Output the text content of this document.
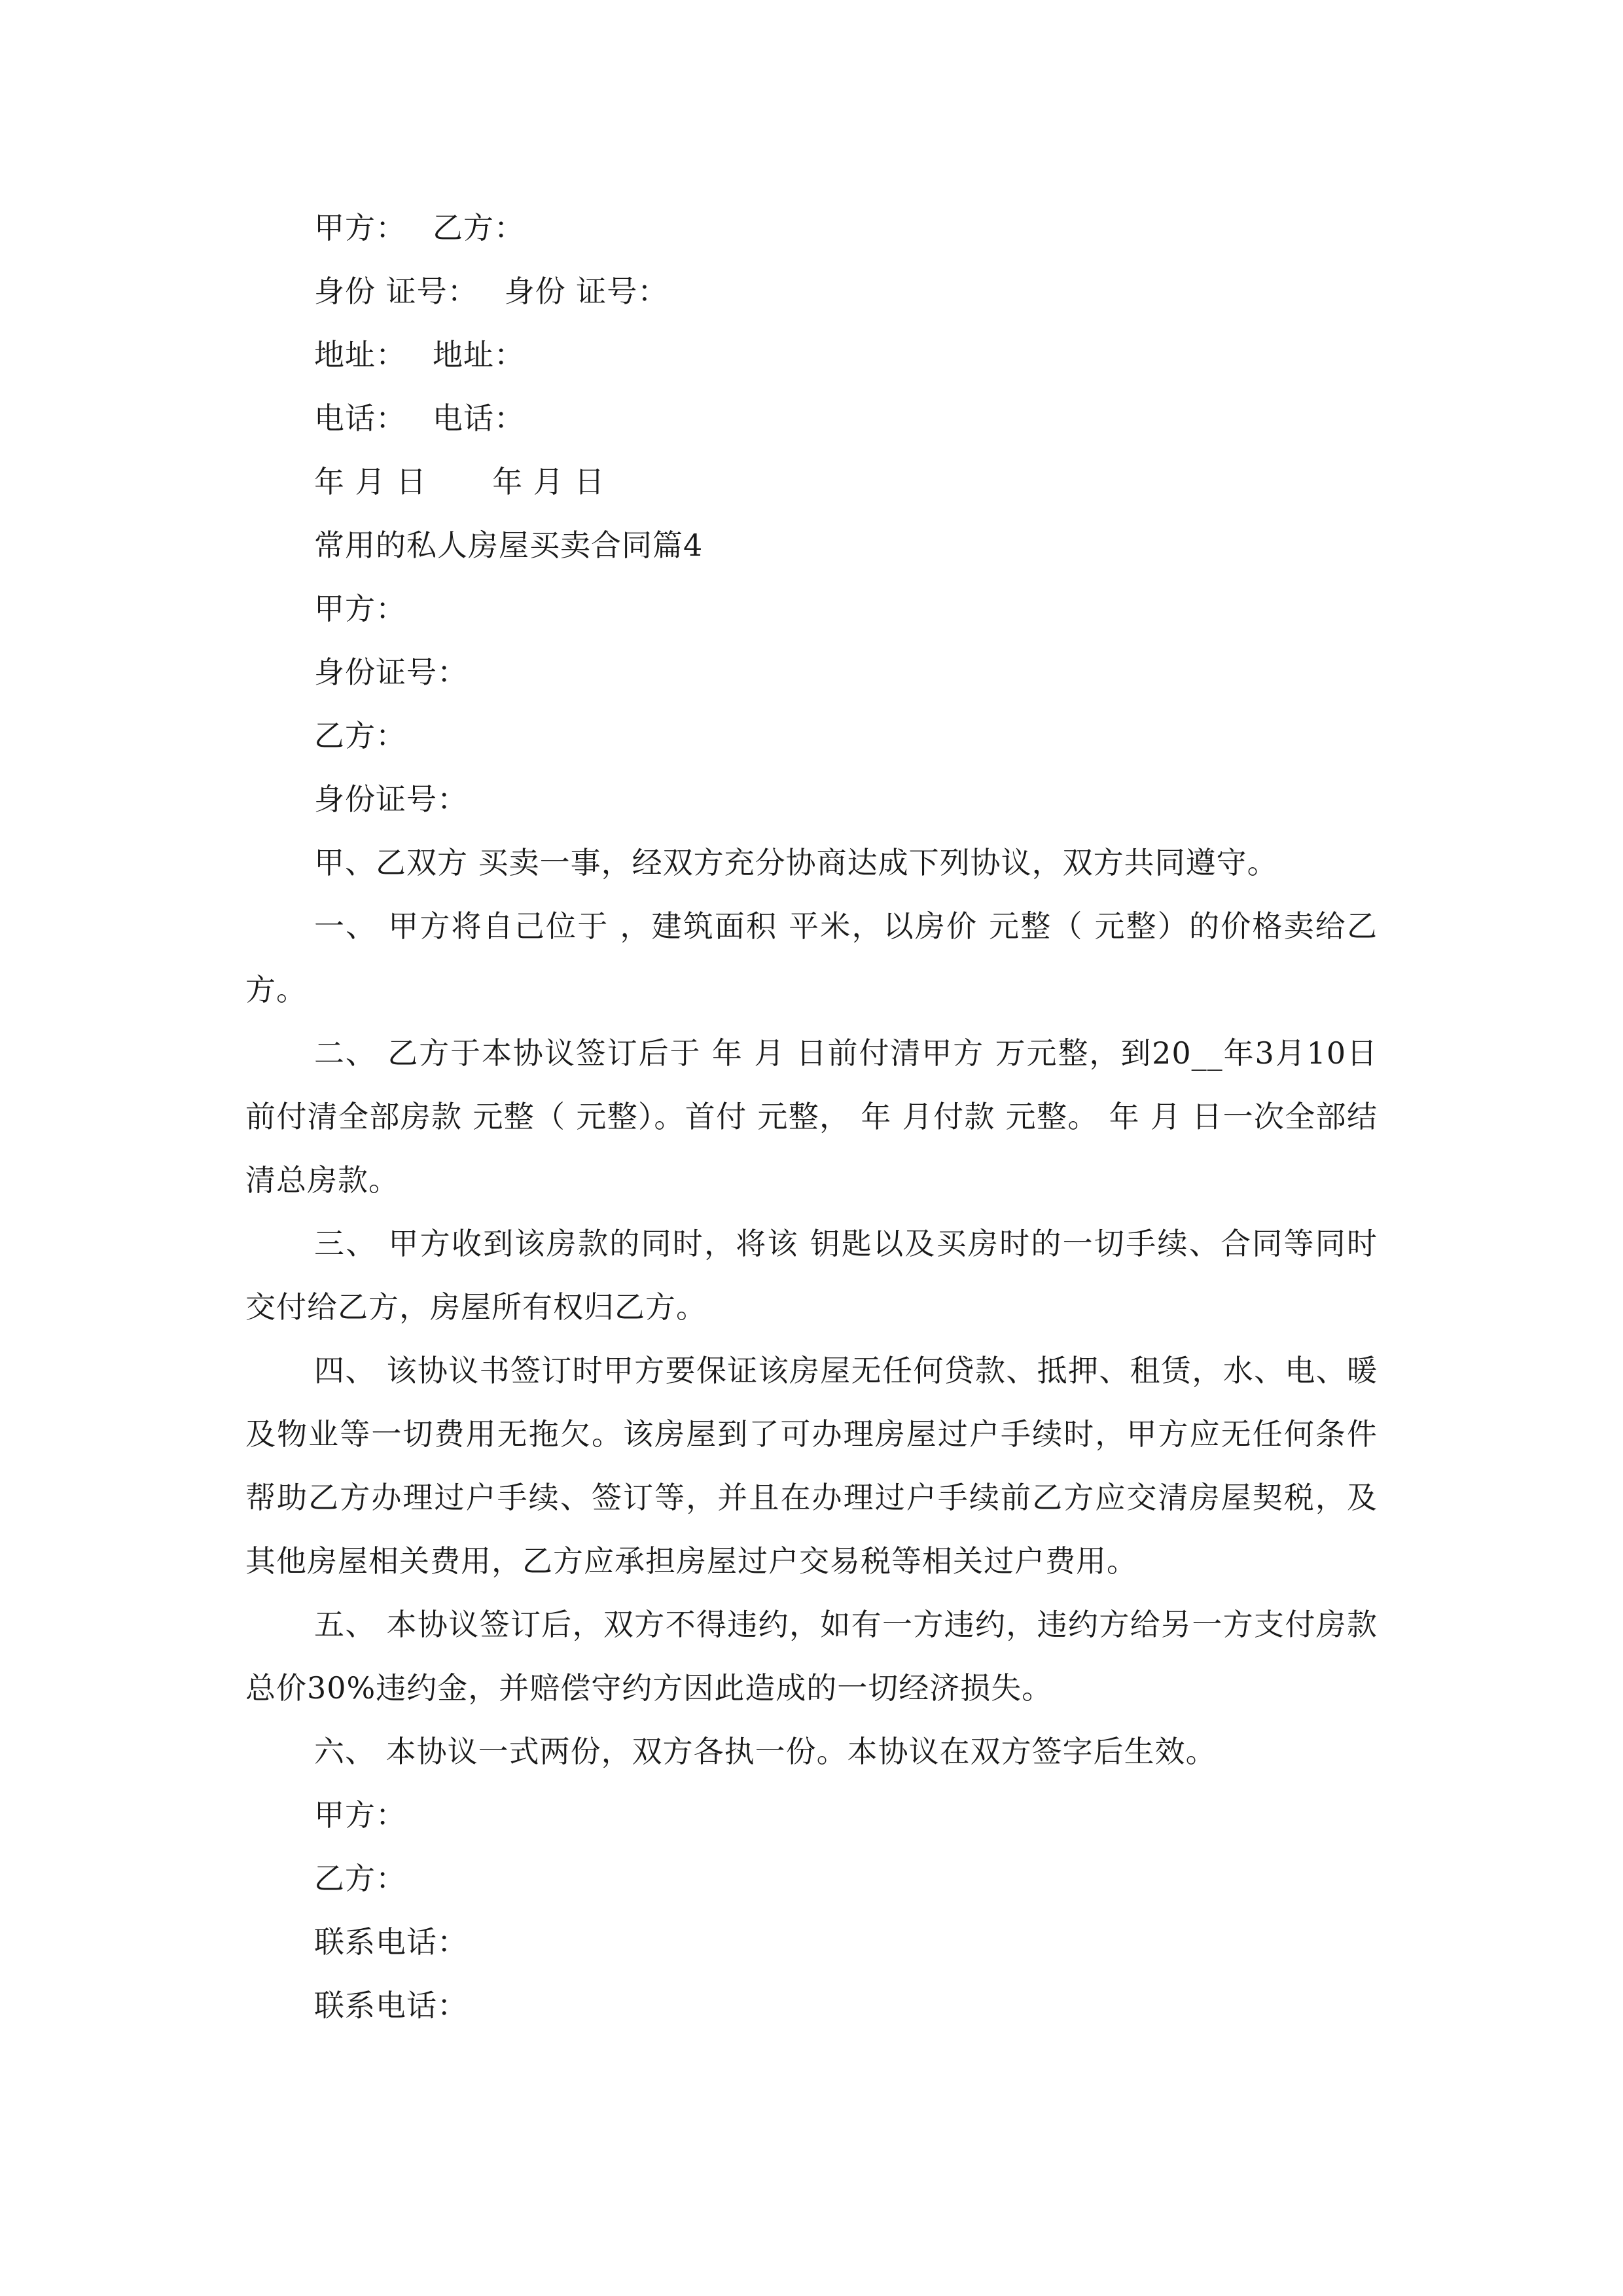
甲方： 乙方：

身份 证号： 身份 证号：

地址： 地址：

电话： 电话：

年 月 日 年 月 日

常用的私人房屋买卖合同篇4

甲方：

身份证号：

乙方：

身份证号：

甲、乙双方 买卖一事，经双方充分协商达成下列协议，双方共同遵守。

一、 甲方将自己位于 ，建筑面积 平米，以房价 元整（ 元整）的价格卖给乙方。

二、 乙方于本协议签订后于 年 月 日前付清甲方 万元整，到20__年3月10日前付清全部房款 元整（ 元整）。首付 元整， 年 月付款 元整。 年 月 日一次全部结清总房款。

三、 甲方收到该房款的同时，将该 钥匙以及买房时的一切手续、合同等同时交付给乙方，房屋所有权归乙方。

四、 该协议书签订时甲方要保证该房屋无任何贷款、抵押、租赁，水、电、暖及物业等一切费用无拖欠。该房屋到了可办理房屋过户手续时，甲方应无任何条件帮助乙方办理过户手续、签订等，并且在办理过户手续前乙方应交清房屋契税，及其他房屋相关费用，乙方应承担房屋过户交易税等相关过户费用。

五、 本协议签订后，双方不得违约，如有一方违约，违约方给另一方支付房款总价30%违约金，并赔偿守约方因此造成的一切经济损失。

六、 本协议一式两份，双方各执一份。本协议在双方签字后生效。

甲方：

乙方：

联系电话：

联系电话：
